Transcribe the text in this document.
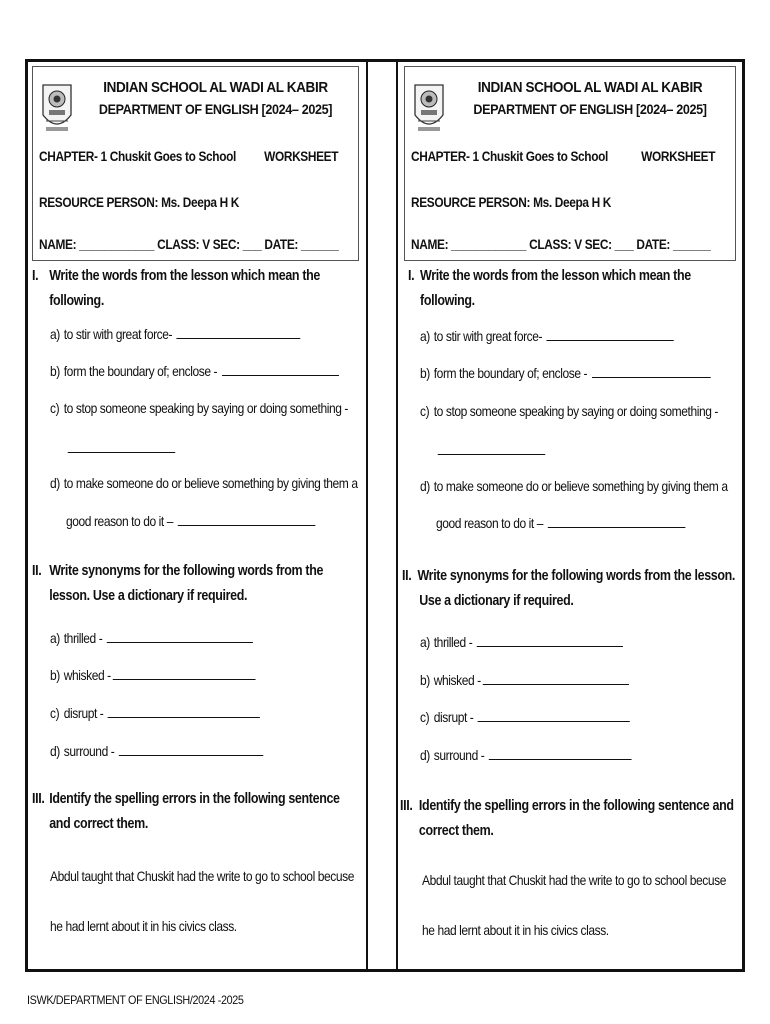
INDIAN SCHOOL AL WADI AL KABIR
DEPARTMENT OF ENGLISH [2024– 2025]
CHAPTER- 1 Chuskit Goes to School WORKSHEET
RESOURCE PERSON: Ms. Deepa H K
NAME: ____________ CLASS: V SEC: ___ DATE: ______
I. Write the words from the lesson which mean the
following.
a) to stir with great force-
b) form the boundary of; enclose -
c) to stop someone speaking by saying or doing something -
d) to make someone do or believe something by giving them a
good reason to do it –
II. Write synonyms for the following words from the
lesson. Use a dictionary if required.
a) thrilled -
b) whisked -
c) disrupt -
d) surround -
III. Identify the spelling errors in the following sentence
and correct them.
Abdul taught that Chuskit had the write to go to school becuse
he had lernt about it in his civics class.
INDIAN SCHOOL AL WADI AL KABIR
DEPARTMENT OF ENGLISH [2024– 2025]
CHAPTER- 1 Chuskit Goes to School WORKSHEET
RESOURCE PERSON: Ms. Deepa H K
NAME: ____________ CLASS: V SEC: ___ DATE: ______
I. Write the words from the lesson which mean the
following.
a) to stir with great force-
b) form the boundary of; enclose -
c) to stop someone speaking by saying or doing something -
d) to make someone do or believe something by giving them a
good reason to do it –
II. Write synonyms for the following words from the lesson.
Use a dictionary if required.
a) thrilled -
b) whisked -
c) disrupt -
d) surround -
III. Identify the spelling errors in the following sentence and
correct them.
Abdul taught that Chuskit had the write to go to school becuse
he had lernt about it in his civics class.
ISWK/DEPARTMENT OF ENGLISH/2024 -2025
